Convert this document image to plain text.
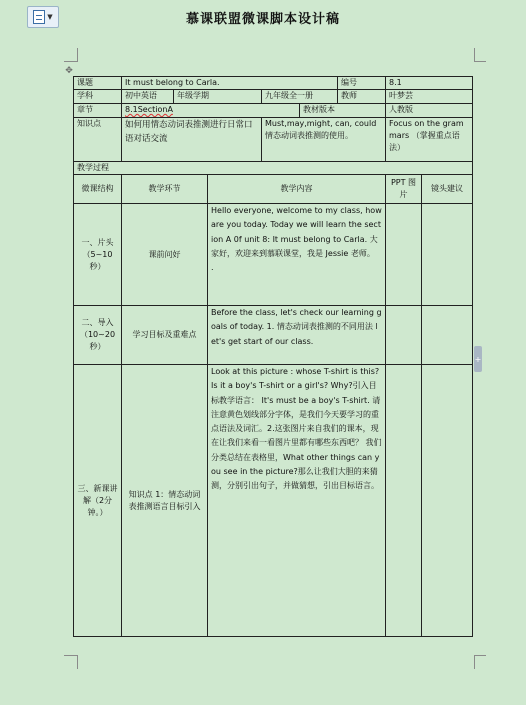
▼	慕课联盟微课脚本设计稿
✥
+
课题	It must belong to Carla.					编号	8.1	
学科	初中英语	年级学期		九年级全一册		教师	叶梦芸	
章节	8.1SectionA				教材版本		人教版	
知识点	如何用情态动词表推测进行日常口语对话交流			Must,may,might, can, could 情态动词表推测的使用。			Focus on the grammars （掌握重点语法）	
教学过程								
微课结构	教学环节		教学内容				PPT 图片	镜头建议
一、片头（5~10秒）	课前问好		Hello everyone, welcome to my class, how are you today. Today we will learn the section A 0f unit 8: It must belong to Carla. 大家好，欢迎来到慕联课堂，我是 Jessie 老师。
.					

二、导入（10~20秒）	学习目标及重难点		Before the class, let's check our learning goals of today. 1. 情态动词表推测的不同用法 let's get start of our class.					
三、新课讲解（2分钟。）	知识点 1：情态动词表推测语言目标引入		Look at this picture : whose T-shirt is this? Is it a boy's T-shirt or a girl's? Why?引入目标教学语言： It's must be a boy's T-shirt. 请注意黄色划线部分字体，是我们今天要学习的重点语法及词汇。2.这张图片来自我们的课本，现在让我们来看一看图片里都有哪些东西吧？ 我们分类总结在表格里，What other things can you see in the picture?那么让我们大胆的来猜测，分别引出句子，并做猜想，引出目标语言。					
